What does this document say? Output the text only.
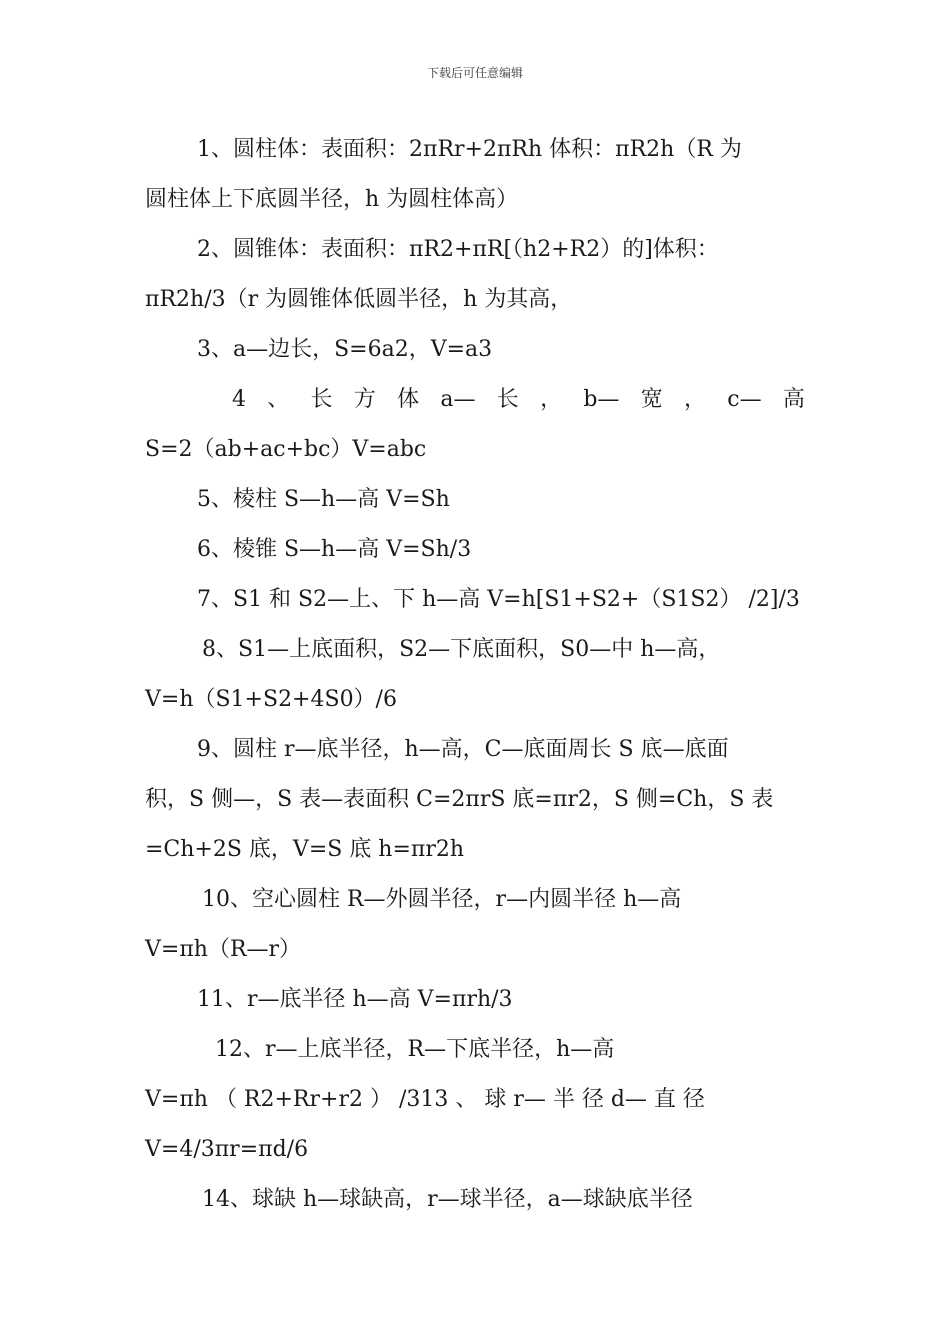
下载后可任意编辑
1、圆柱体：表面积：2πRr+2πRh 体积：πR2h（R 为
圆柱体上下底圆半径，h 为圆柱体高）
2、圆锥体：表面积：πR2+πR[（h2+R2）的]体积：
πR2h/3（r 为圆锥体低圆半径，h 为其高，
3、a—边长，S=6a2，V=a3
4 、 长 方 体 a— 长 ， b— 宽 ， c— 高
S=2（ab+ac+bc）V=abc
5、棱柱 S—h—高 V=Sh
6、棱锥 S—h—高 V=Sh/3
7、S1 和 S2—上、下 h—高 V=h[S1+S2+（S1S2） /2]/3
8、S1—上底面积，S2—下底面积，S0—中 h—高，
V=h（S1+S2+4S0）/6
9、圆柱 r—底半径，h—高，C—底面周长 S 底—底面
积，S 侧—，S 表—表面积 C=2πrS 底=πr2，S 侧=Ch，S 表
=Ch+2S 底，V=S 底 h=πr2h
10、空心圆柱 R—外圆半径，r—内圆半径 h—高
V=πh（R—r）
11、r—底半径 h—高 V=πrh/3
12、r—上底半径，R—下底半径，h—高
V=πh （ R2+Rr+r2 ） /313 、 球 r— 半 径 d— 直 径
V=4/3πr=πd/6
14、球缺 h—球缺高，r—球半径，a—球缺底半径
